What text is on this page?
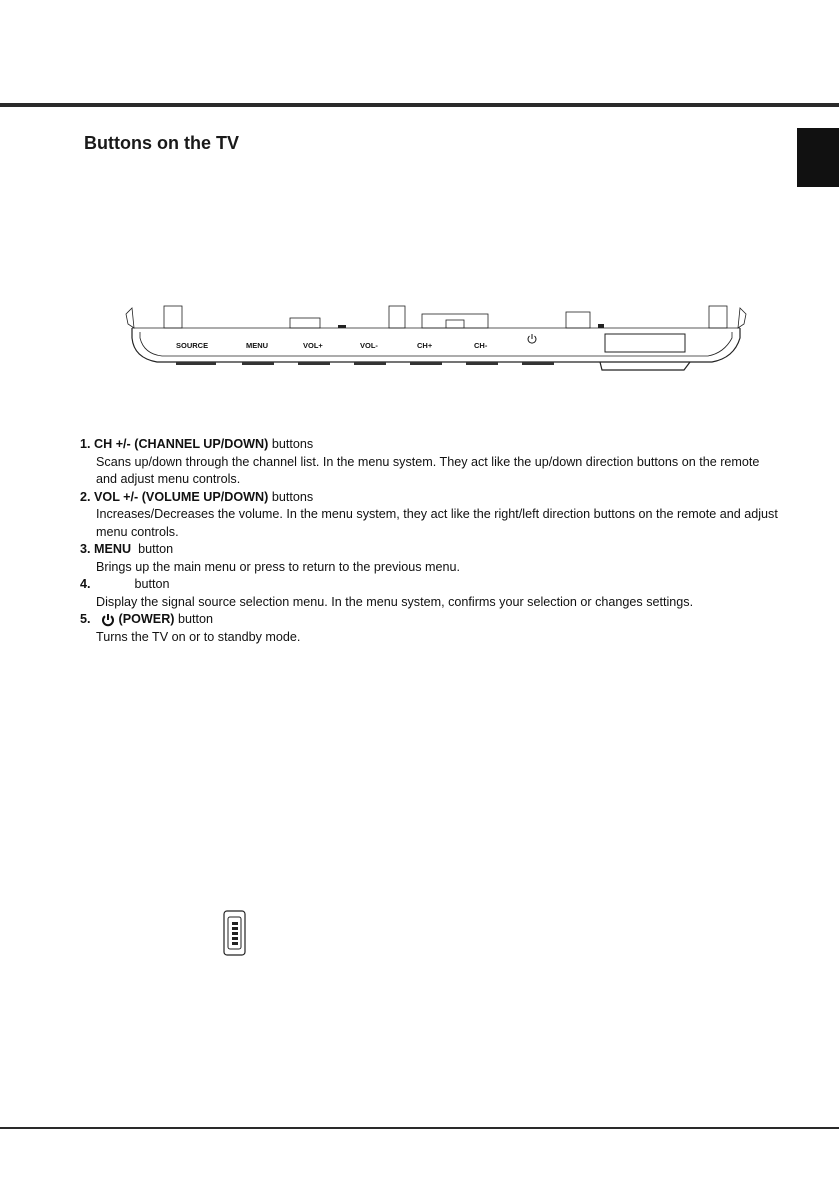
Buttons on the TV
SOURCE	MENU	VOL+	VOL-	CH+	CH-
1.
CH +/- (CHANNEL UP/DOWN)
buttons
Scans up/down through the channel list. In the menu system. They act like the up/down direction buttons on the remote and adjust menu controls.
2.
VOL +/- (VOLUME UP/DOWN)
buttons
Increases/Decreases the volume. In the menu system, they act like the right/left direction buttons on the remote and adjust menu controls.
3.
MENU
button
Brings up the main menu or press to return to the previous menu.
4.	button
Display the signal source selection menu. In the menu system, confirms your selection or changes settings.
5. (POWER)
button
Turns the TV on or to standby mode.
